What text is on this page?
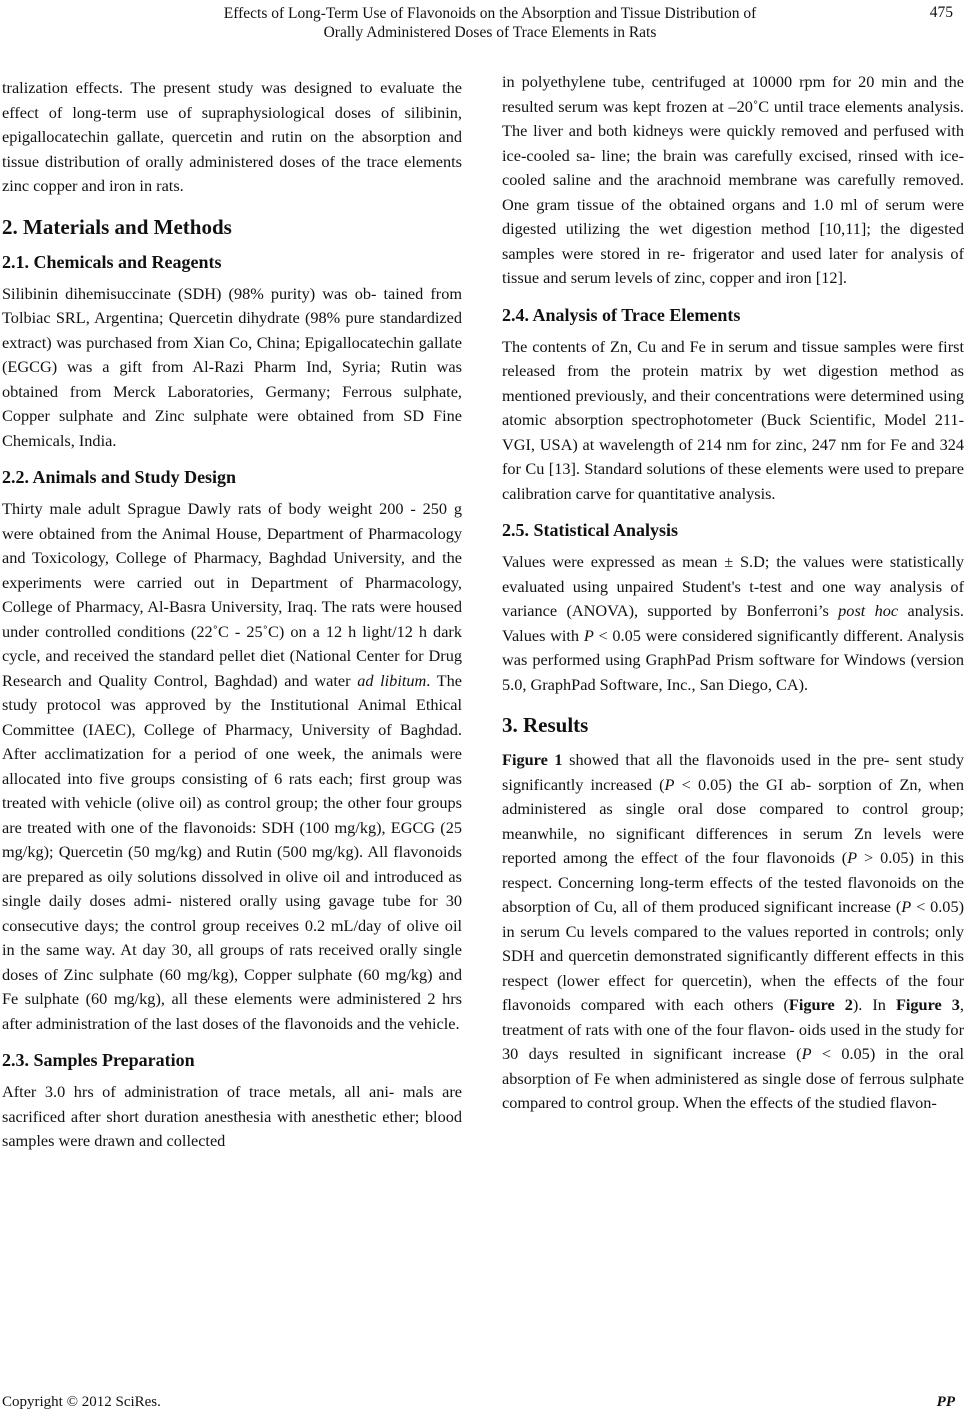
Effects of Long-Term Use of Flavonoids on the Absorption and Tissue Distribution of
Orally Administered Doses of Trace Elements in Rats
475

tralization effects. The present study was designed to evaluate the effect of long-term use of supraphysiological doses of silibinin, epigallocatechin gallate, quercetin and rutin on the absorption and tissue distribution of orally administered doses of the trace elements zinc copper and iron in rats.

2. Materials and Methods
2.1. Chemicals and Reagents

Silibinin dihemisuccinate (SDH) (98% purity) was ob- tained from Tolbiac SRL, Argentina; Quercetin dihydrate (98% pure standardized extract) was purchased from Xian Co, China; Epigallocatechin gallate (EGCG) was a gift from Al-Razi Pharm Ind, Syria; Rutin was obtained from Merck Laboratories, Germany; Ferrous sulphate, Copper sulphate and Zinc sulphate were obtained from SD Fine Chemicals, India.

2.2. Animals and Study Design

Thirty male adult Sprague Dawly rats of body weight 200 - 250 g were obtained from the Animal House, Department of Pharmacology and Toxicology, College of Pharmacy, Baghdad University, and the experiments were carried out in Department of Pharmacology, College of Pharmacy, Al-Basra University, Iraq. The rats were housed under controlled conditions (22˚C - 25˚C) on a 12 h light/12 h dark cycle, and received the standard pellet diet (National Center for Drug Research and Quality Control, Baghdad) and water ad libitum. The study protocol was approved by the Institutional Animal Ethical Committee (IAEC), College of Pharmacy, University of Baghdad. After acclimatization for a period of one week, the animals were allocated into five groups consisting of 6 rats each; first group was treated with vehicle (olive oil) as control group; the other four groups are treated with one of the flavonoids: SDH (100 mg/kg), EGCG (25 mg/kg); Quercetin (50 mg/kg) and Rutin (500 mg/kg). All flavonoids are prepared as oily solutions dissolved in olive oil and introduced as single daily doses admi- nistered orally using gavage tube for 30 consecutive days; the control group receives 0.2 mL/day of olive oil in the same way. At day 30, all groups of rats received orally single doses of Zinc sulphate (60 mg/kg), Copper sulphate (60 mg/kg) and Fe sulphate (60 mg/kg), all these elements were administered 2 hrs after administration of the last doses of the flavonoids and the vehicle.

2.3. Samples Preparation

After 3.0 hrs of administration of trace metals, all ani- mals are sacrificed after short duration anesthesia with anesthetic ether; blood samples were drawn and collected

in polyethylene tube, centrifuged at 10000 rpm for 20 min and the resulted serum was kept frozen at –20˚C until trace elements analysis. The liver and both kidneys were quickly removed and perfused with ice-cooled sa- line; the brain was carefully excised, rinsed with ice- cooled saline and the arachnoid membrane was carefully removed. One gram tissue of the obtained organs and 1.0 ml of serum were digested utilizing the wet digestion method [10,11]; the digested samples were stored in re- frigerator and used later for analysis of tissue and serum levels of zinc, copper and iron [12].

2.4. Analysis of Trace Elements

The contents of Zn, Cu and Fe in serum and tissue samples were first released from the protein matrix by wet digestion method as mentioned previously, and their concentrations were determined using atomic absorption spectrophotometer (Buck Scientific, Model 211-VGI, USA) at wavelength of 214 nm for zinc, 247 nm for Fe and 324 for Cu [13]. Standard solutions of these elements were used to prepare calibration carve for quantitative analysis.

2.5. Statistical Analysis

Values were expressed as mean ± S.D; the values were statistically evaluated using unpaired Student's t-test and one way analysis of variance (ANOVA), supported by Bonferroni’s post hoc analysis. Values with P < 0.05 were considered significantly different. Analysis was performed using GraphPad Prism software for Windows (version 5.0, GraphPad Software, Inc., San Diego, CA).

3. Results

Figure 1 showed that all the flavonoids used in the pre- sent study significantly increased (P < 0.05) the GI ab- sorption of Zn, when administered as single oral dose compared to control group; meanwhile, no significant differences in serum Zn levels were reported among the effect of the four flavonoids (P > 0.05) in this respect. Concerning long-term effects of the tested flavonoids on the absorption of Cu, all of them produced significant increase (P < 0.05) in serum Cu levels compared to the values reported in controls; only SDH and quercetin demonstrated significantly different effects in this respect (lower effect for quercetin), when the effects of the four flavonoids compared with each others (Figure 2). In Figure 3, treatment of rats with one of the four flavon- oids used in the study for 30 days resulted in significant increase (P < 0.05) in the oral absorption of Fe when administered as single dose of ferrous sulphate compared to control group. When the effects of the studied flavon-

Copyright © 2012 SciRes.	PP
